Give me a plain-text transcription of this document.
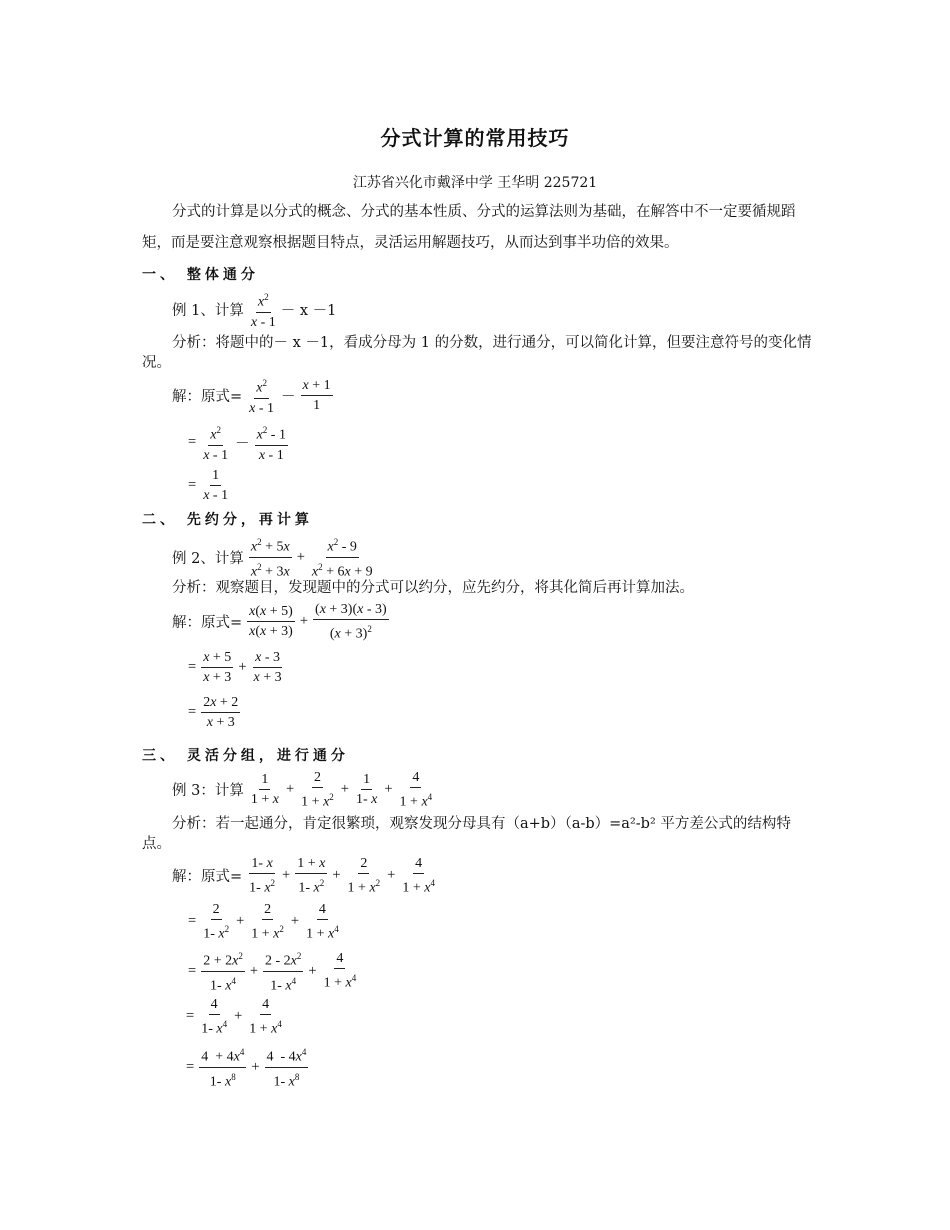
分式计算的常用技巧
江苏省兴化市戴泽中学 王华明 225721
分式的计算是以分式的概念、分式的基本性质、分式的运算法则为基础，在解答中不一定要循规蹈矩，而是要注意观察根据题目特点，灵活运用解题技巧，从而达到事半功倍的效果。
一、 整体通分
例 1、计算 $\frac{x^2}{x - 1} - x -1$
分析：将题中的－ x －1，看成分母为 1 的分数，进行通分，可以简化计算，但要注意符号的变化情况。
解：原式= $\frac{x^2}{x - 1} - \frac{x + 1}{1}$
= $\frac{x^2}{x - 1} - \frac{x^2 - 1}{x - 1}$
= $\frac{1}{x - 1}$
二、 先约分，再计算
例 2、计算 $\frac{x^2 + 5x}{x^2 + 3x} + \frac{x^2 - 9}{x^2 + 6x + 9}$
分析：观察题目，发现题中的分式可以约分，应先约分，将其化简后再计算加法。
解：原式= $\frac{x(x + 5)}{x(x + 3)} + \frac{(x + 3)(x - 3)}{(x + 3)^2}$
= $\frac{x + 5}{x + 3} + \frac{x - 3}{x + 3}$
= $\frac{2x + 2}{x + 3}$
三、 灵活分组，进行通分
例 3：计算 $\frac{1}{1 + x} + \frac{2}{1 + x^2} + \frac{1}{1- x} + \frac{4}{1 + x^4}$
分析：若一起通分，肯定很繁琐，观察发现分母具有（a+b）（a-b）=a²-b² 平方差公式的结构特点。
解：原式= $\frac{1- x}{1- x^2} + \frac{1 + x}{1- x^2} + \frac{2}{1 + x^2} + \frac{4}{1 + x^4}$
= $\frac{2}{1- x^2} + \frac{2}{1 + x^2} + \frac{4}{1 + x^4}$
= $\frac{2 + 2x^2}{1- x^4} + \frac{2 - 2x^2}{1- x^4} + \frac{4}{1 + x^4}$
= $\frac{4}{1- x^4} + \frac{4}{1 + x^4}$
= $\frac{4 + 4x^4}{1- x^8} + \frac{4 - 4x^4}{1- x^8}$
